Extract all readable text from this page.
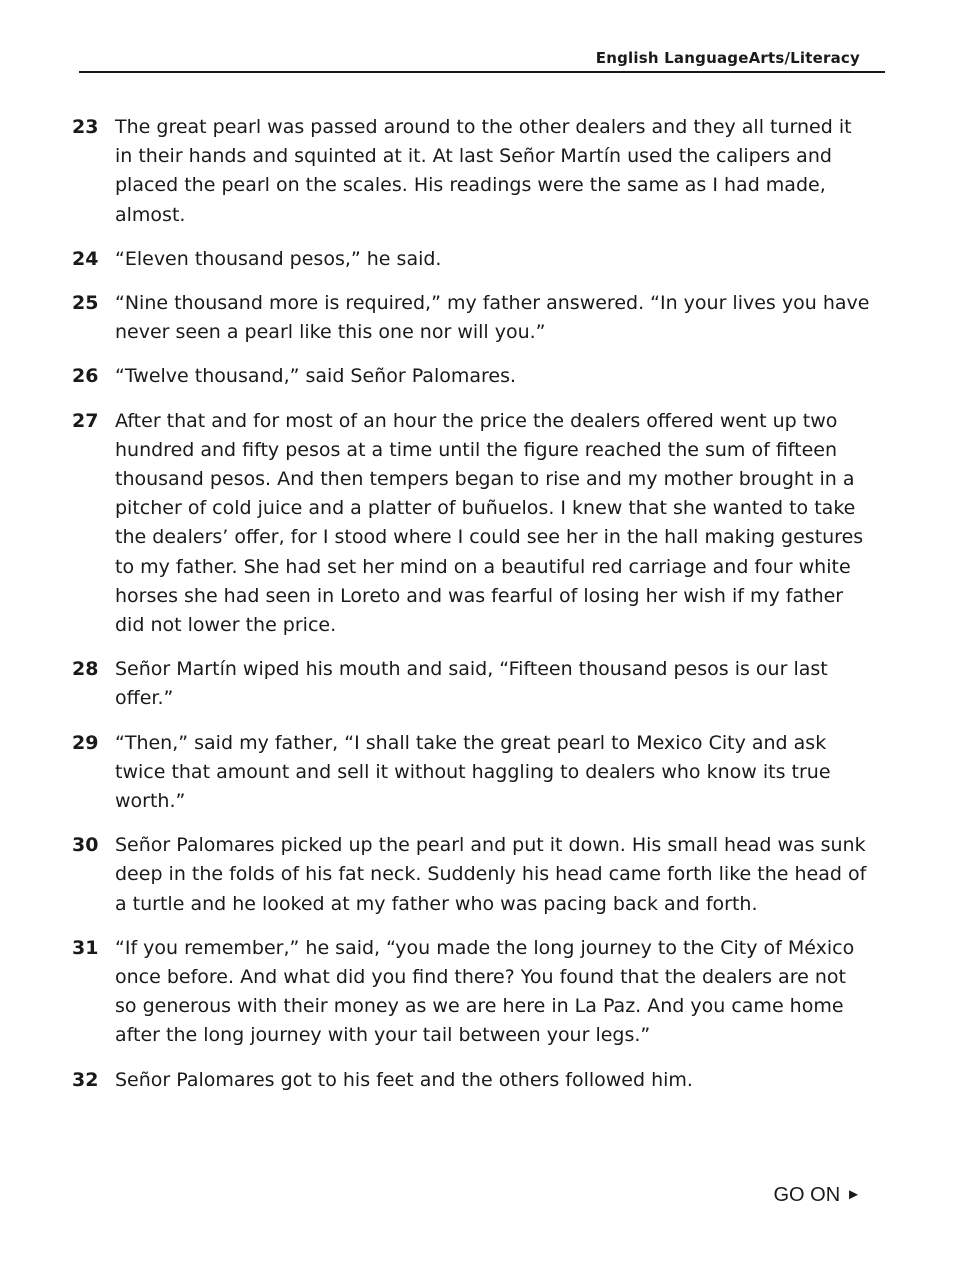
English LanguageArts/Literacy
23 The great pearl was passed around to the other dealers and they all turned it in their hands and squinted at it. At last Señor Martín used the calipers and placed the pearl on the scales. His readings were the same as I had made, almost.
24 “Eleven thousand pesos,” he said.
25 “Nine thousand more is required,” my father answered. “In your lives you have never seen a pearl like this one nor will you.”
26 “Twelve thousand,” said Señor Palomares.
27 After that and for most of an hour the price the dealers offered went up two hundred and fifty pesos at a time until the figure reached the sum of fifteen thousand pesos. And then tempers began to rise and my mother brought in a pitcher of cold juice and a platter of buñuelos. I knew that she wanted to take the dealers’ offer, for I stood where I could see her in the hall making gestures to my father. She had set her mind on a beautiful red carriage and four white horses she had seen in Loreto and was fearful of losing her wish if my father did not lower the price.
28 Señor Martín wiped his mouth and said, “Fifteen thousand pesos is our last offer.”
29 “Then,” said my father, “I shall take the great pearl to Mexico City and ask twice that amount and sell it without haggling to dealers who know its true worth.”
30 Señor Palomares picked up the pearl and put it down. His small head was sunk deep in the folds of his fat neck. Suddenly his head came forth like the head of a turtle and he looked at my father who was pacing back and forth.
31 “If you remember,” he said, “you made the long journey to the City of México once before. And what did you find there? You found that the dealers are not so generous with their money as we are here in La Paz. And you came home after the long journey with your tail between your legs.”
32 Señor Palomares got to his feet and the others followed him.
GO ON ►
